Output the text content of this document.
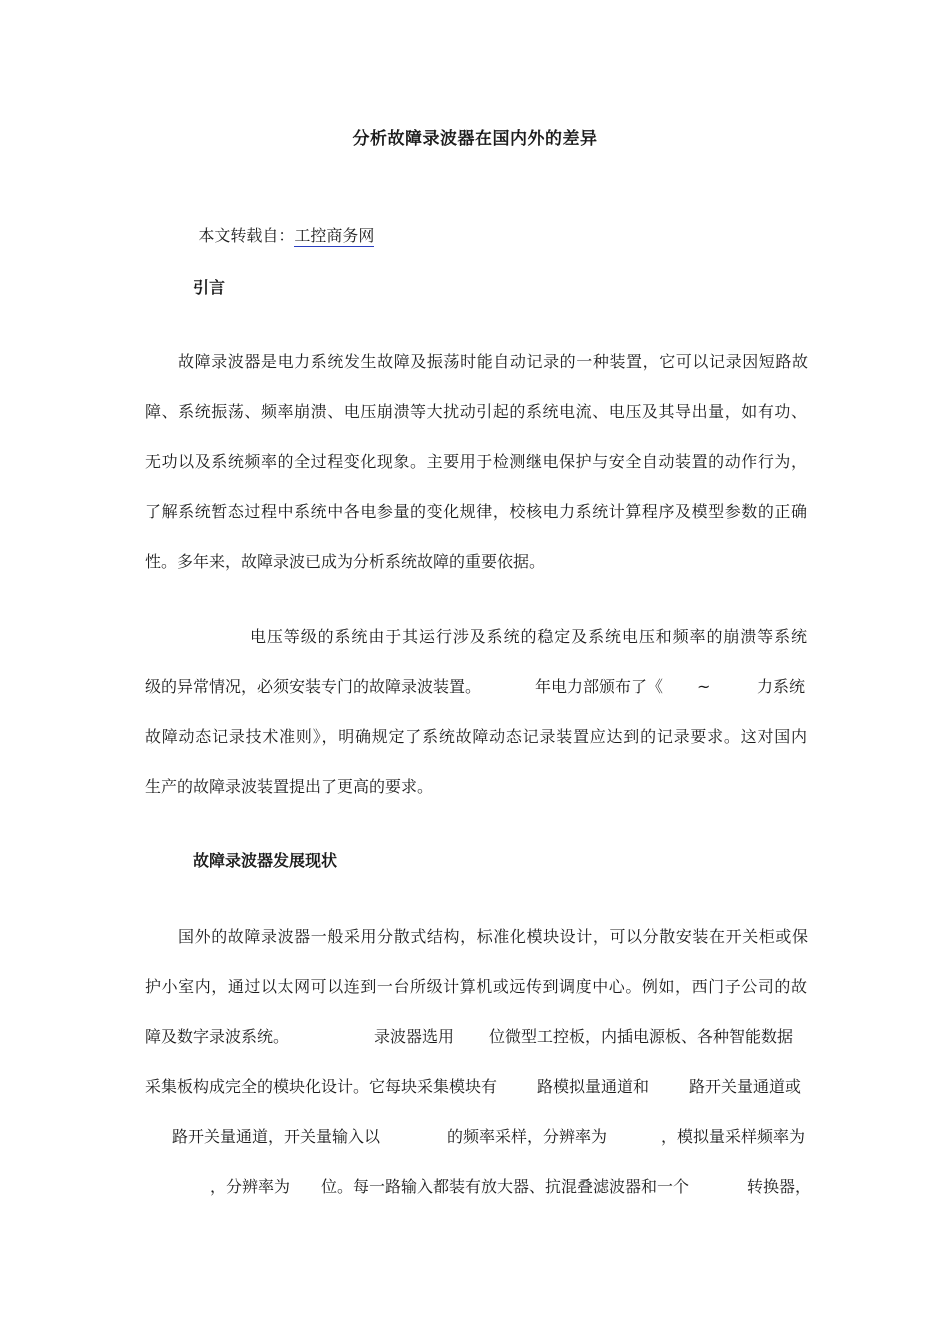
分析故障录波器在国内外的差异

本文转载自：工控商务网

引言
故障录波器是电力系统发生故障及振荡时能自动记录的一种装置，它可以记录因短路故
障、系统振荡、频率崩溃、电压崩溃等大扰动引起的系统电流、电压及其导出量，如有功、
无功以及系统频率的全过程变化现象。主要用于检测继电保护与安全自动装置的动作行为，
了解系统暂态过程中系统中各电参量的变化规律，校核电力系统计算程序及模型参数的正确
性。多年来，故障录波已成为分析系统故障的重要依据。
电压等级的系统由于其运行涉及系统的稳定及系统电压和频率的崩溃等系统
级的异常情况，必须安装专门的故障录波装置。	年电力部颁布了《 ~	力系统
故障动态记录技术准则》，明确规定了系统故障动态记录装置应达到的记录要求。这对国内
生产的故障录波装置提出了更高的要求。
故障录波器发展现状
国外的故障录波器一般采用分散式结构，标准化模块设计，可以分散安装在开关柜或保
护小室内，通过以太网可以连到一台所级计算机或远传到调度中心。例如，西门子公司的故
障及数字录波系统。	录波器选用 位微型工控板，内插电源板、各种智能数据
采集板构成完全的模块化设计。它每块采集模块有 路模拟量通道和 路开关量通道或
路开关量通道，开关量输入以	的频率采样，分辨率为	，模拟量采样频率为
，分辨率为 位。每一路输入都装有放大器、抗混叠滤波器和一个	转换器，
